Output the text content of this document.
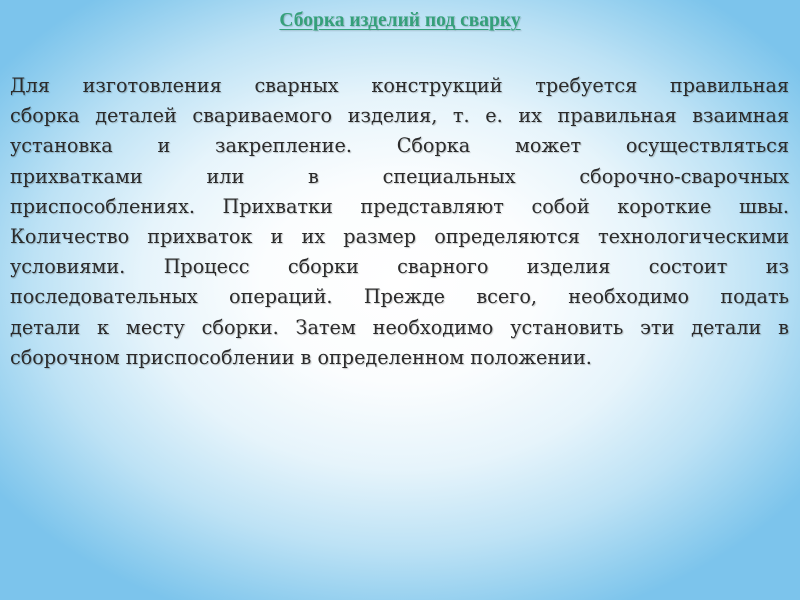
Сборка изделий под сварку
Для изготовления сварных конструкций требуется правильная
сборка деталей свариваемого изделия, т. е. их правильная взаимная
установка и закрепление. Сборка может осуществляться
прихватками или в специальных сборочно-сварочных
приспособлениях. Прихватки представляют собой короткие швы.
Количество прихваток и их размер определяются технологическими
условиями. Процесс сборки сварного изделия состоит из
последовательных операций. Прежде всего, необходимо подать
детали к месту сборки. Затем необходимо установить эти детали в
сборочном приспособлении в определенном положении.
